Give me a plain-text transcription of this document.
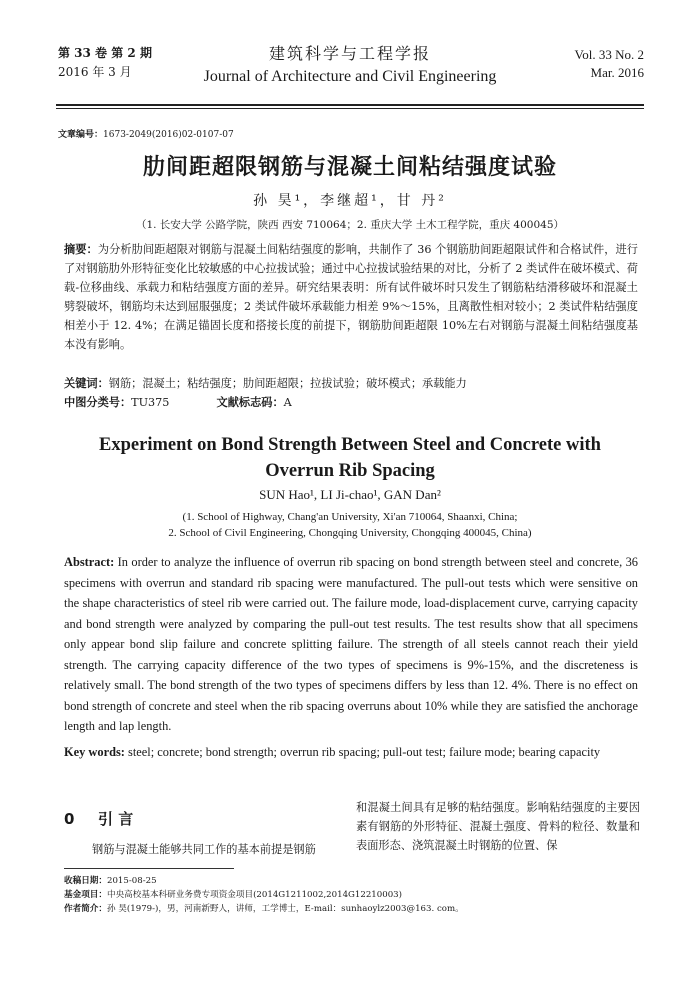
第 33 卷 第 2 期
2016 年 3 月
建筑科学与工程学报
Journal of Architecture and Civil Engineering
Vol. 33 No. 2
Mar. 2016
文章编号：1673-2049(2016)02-0107-07
肋间距超限钢筋与混凝土间粘结强度试验
孙 昊¹，李继超¹，甘 丹²
（1. 长安大学 公路学院，陕西 西安 710064；2. 重庆大学 土木工程学院，重庆 400045）
摘要：为分析肋间距超限对钢筋与混凝土间粘结强度的影响，共制作了 36 个钢筋肋间距超限试件和合格试件，进行了对钢筋肋外形特征变化比较敏感的中心拉拔试验；通过中心拉拔试验结果的对比，分析了 2 类试件在破坏模式、荷载-位移曲线、承载力和粘结强度方面的差异。研究结果表明：所有试件破坏时只发生了钢筋粘结滑移破坏和混凝土劈裂破坏，钢筋均未达到屈服强度；2 类试件破坏承载能力相差 9%～15%，且离散性相对较小；2 类试件粘结强度相差小于 12. 4%；在满足锚固长度和搭接长度的前提下，钢筋肋间距超限 10%左右对钢筋与混凝土间粘结强度基本没有影响。
关键词：钢筋；混凝土；粘结强度；肋间距超限；拉拔试验；破坏模式；承载能力
中图分类号：TU375	文献标志码：A
Experiment on Bond Strength Between Steel and Concrete with
Overrun Rib Spacing
SUN Hao¹, LI Ji-chao¹, GAN Dan²
(1. School of Highway, Chang'an University, Xi'an 710064, Shaanxi, China;
2. School of Civil Engineering, Chongqing University, Chongqing 400045, China)
Abstract: In order to analyze the influence of overrun rib spacing on bond strength between steel and concrete, 36 specimens with overrun and standard rib spacing were manufactured. The pull-out tests which were sensitive on the shape characteristics of steel rib were carried out. The failure mode, load-displacement curve, carrying capacity and bond strength were analyzed by comparing the pull-out test results. The test results show that all specimens only appear bond slip failure and concrete splitting failure. The strength of all steels cannot reach their yield strength. The carrying capacity difference of the two types of specimens is 9%-15%, and the discreteness is relatively small. The bond strength of the two types of specimens differs by less than 12. 4%. There is no effect on bond strength of concrete and steel when the rib spacing overruns about 10% while they are satisfied the anchorage length and lap length.
Key words: steel; concrete; bond strength; overrun rib spacing; pull-out test; failure mode; bearing capacity
0 引 言
钢筋与混凝土能够共同工作的基本前提是钢筋
和混凝土间具有足够的粘结强度。影响粘结强度的主要因素有钢筋的外形特征、混凝土强度、骨料的粒径、数量和表面形态、浇筑混凝土时钢筋的位置、保
收稿日期：2015-08-25
基金项目：中央高校基本科研业务费专项资金项目(2014G1211002,2014G12210003)
作者简介：孙 昊(1979-)，男，河南新野人，讲师，工学博士，E-mail：sunhaoylz2003@163. com。
